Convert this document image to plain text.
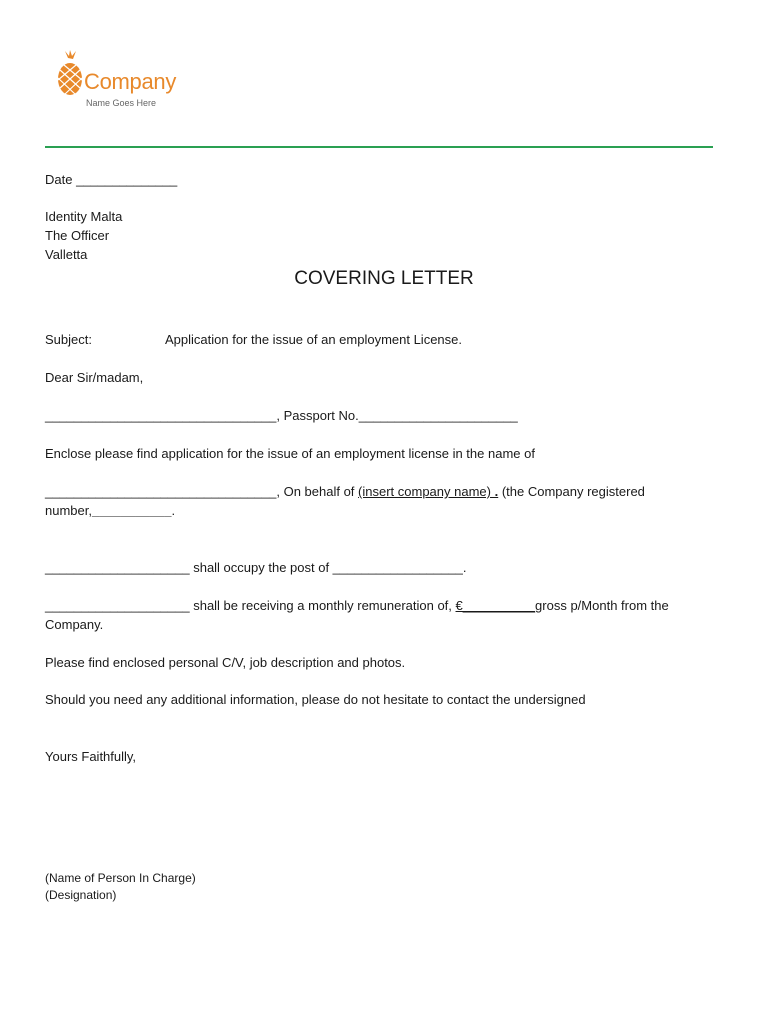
Company
Name Goes Here
Date ______________
Identity Malta
The Officer
Valletta
COVERING LETTER
Subject:	Application for the issue of an employment License.
Dear Sir/madam,
________________________________, Passport No.______________________
Enclose please find application for the issue of an employment license in the name of
________________________________, On behalf of (insert company name) . (the Company registered
number,___________.
____________________ shall occupy the post of __________________.
____________________ shall be receiving a monthly remuneration of, €__________gross p/Month from the
Company.
Please find enclosed personal C/V, job description and photos.
Should you need any additional information, please do not hesitate to contact the undersigned
Yours Faithfully,
(Name of Person In Charge)
(Designation)
